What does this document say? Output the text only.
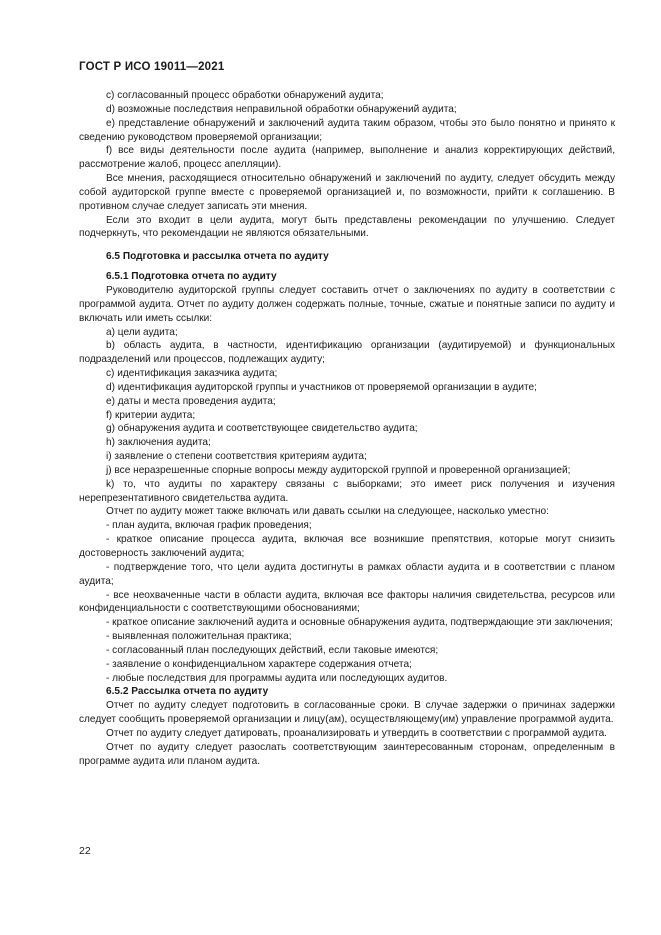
ГОСТ Р ИСО 19011—2021

c) согласованный процесс обработки обнаружений аудита;

d) возможные последствия неправильной обработки обнаружений аудита;

e) представление обнаружений и заключений аудита таким образом, чтобы это было понятно и принято к сведению руководством проверяемой организации;

f) все виды деятельности после аудита (например, выполнение и анализ корректирующих действий, рассмотрение жалоб, процесс апелляции).

Все мнения, расходящиеся относительно обнаружений и заключений по аудиту, следует обсудить между собой аудиторской группе вместе с проверяемой организацией и, по возможности, прийти к соглашению. В противном случае следует записать эти мнения.

Если это входит в цели аудита, могут быть представлены рекомендации по улучшению. Следует подчеркнуть, что рекомендации не являются обязательными.

6.5 Подготовка и рассылка отчета по аудиту

6.5.1 Подготовка отчета по аудиту

Руководителю аудиторской группы следует составить отчет о заключениях по аудиту в соответствии с программой аудита. Отчет по аудиту должен содержать полные, точные, сжатые и понятные записи по аудиту и включать или иметь ссылки:

a) цели аудита;

b) область аудита, в частности, идентификацию организации (аудитируемой) и функциональных подразделений или процессов, подлежащих аудиту;

c) идентификация заказчика аудита;

d) идентификация аудиторской группы и участников от проверяемой организации в аудите;

e) даты и места проведения аудита;

f) критерии аудита;

g) обнаружения аудита и соответствующее свидетельство аудита;

h) заключения аудита;

i) заявление о степени соответствия критериям аудита;

j) все неразрешенные спорные вопросы между аудиторской группой и проверенной организацией;

k) то, что аудиты по характеру связаны с выборками; это имеет риск получения и изучения нерепрезентативного свидетельства аудита.

Отчет по аудиту может также включать или давать ссылки на следующее, насколько уместно:

- план аудита, включая график проведения;

- краткое описание процесса аудита, включая все возникшие препятствия, которые могут снизить достоверность заключений аудита;

- подтверждение того, что цели аудита достигнуты в рамках области аудита и в соответствии с планом аудита;

- все неохваченные части в области аудита, включая все факторы наличия свидетельства, ресурсов или конфиденциальности с соответствующими обоснованиями;

- краткое описание заключений аудита и основные обнаружения аудита, подтверждающие эти заключения;

- выявленная положительная практика;

- согласованный план последующих действий, если таковые имеются;

- заявление о конфиденциальном характере содержания отчета;

- любые последствия для программы аудита или последующих аудитов.

6.5.2 Рассылка отчета по аудиту

Отчет по аудиту следует подготовить в согласованные сроки. В случае задержки о причинах задержки следует сообщить проверяемой организации и лицу(ам), осуществляющему(им) управление программой аудита.

Отчет по аудиту следует датировать, проанализировать и утвердить в соответствии с программой аудита.

Отчет по аудиту следует разослать соответствующим заинтересованным сторонам, определенным в программе аудита или планом аудита.

22
